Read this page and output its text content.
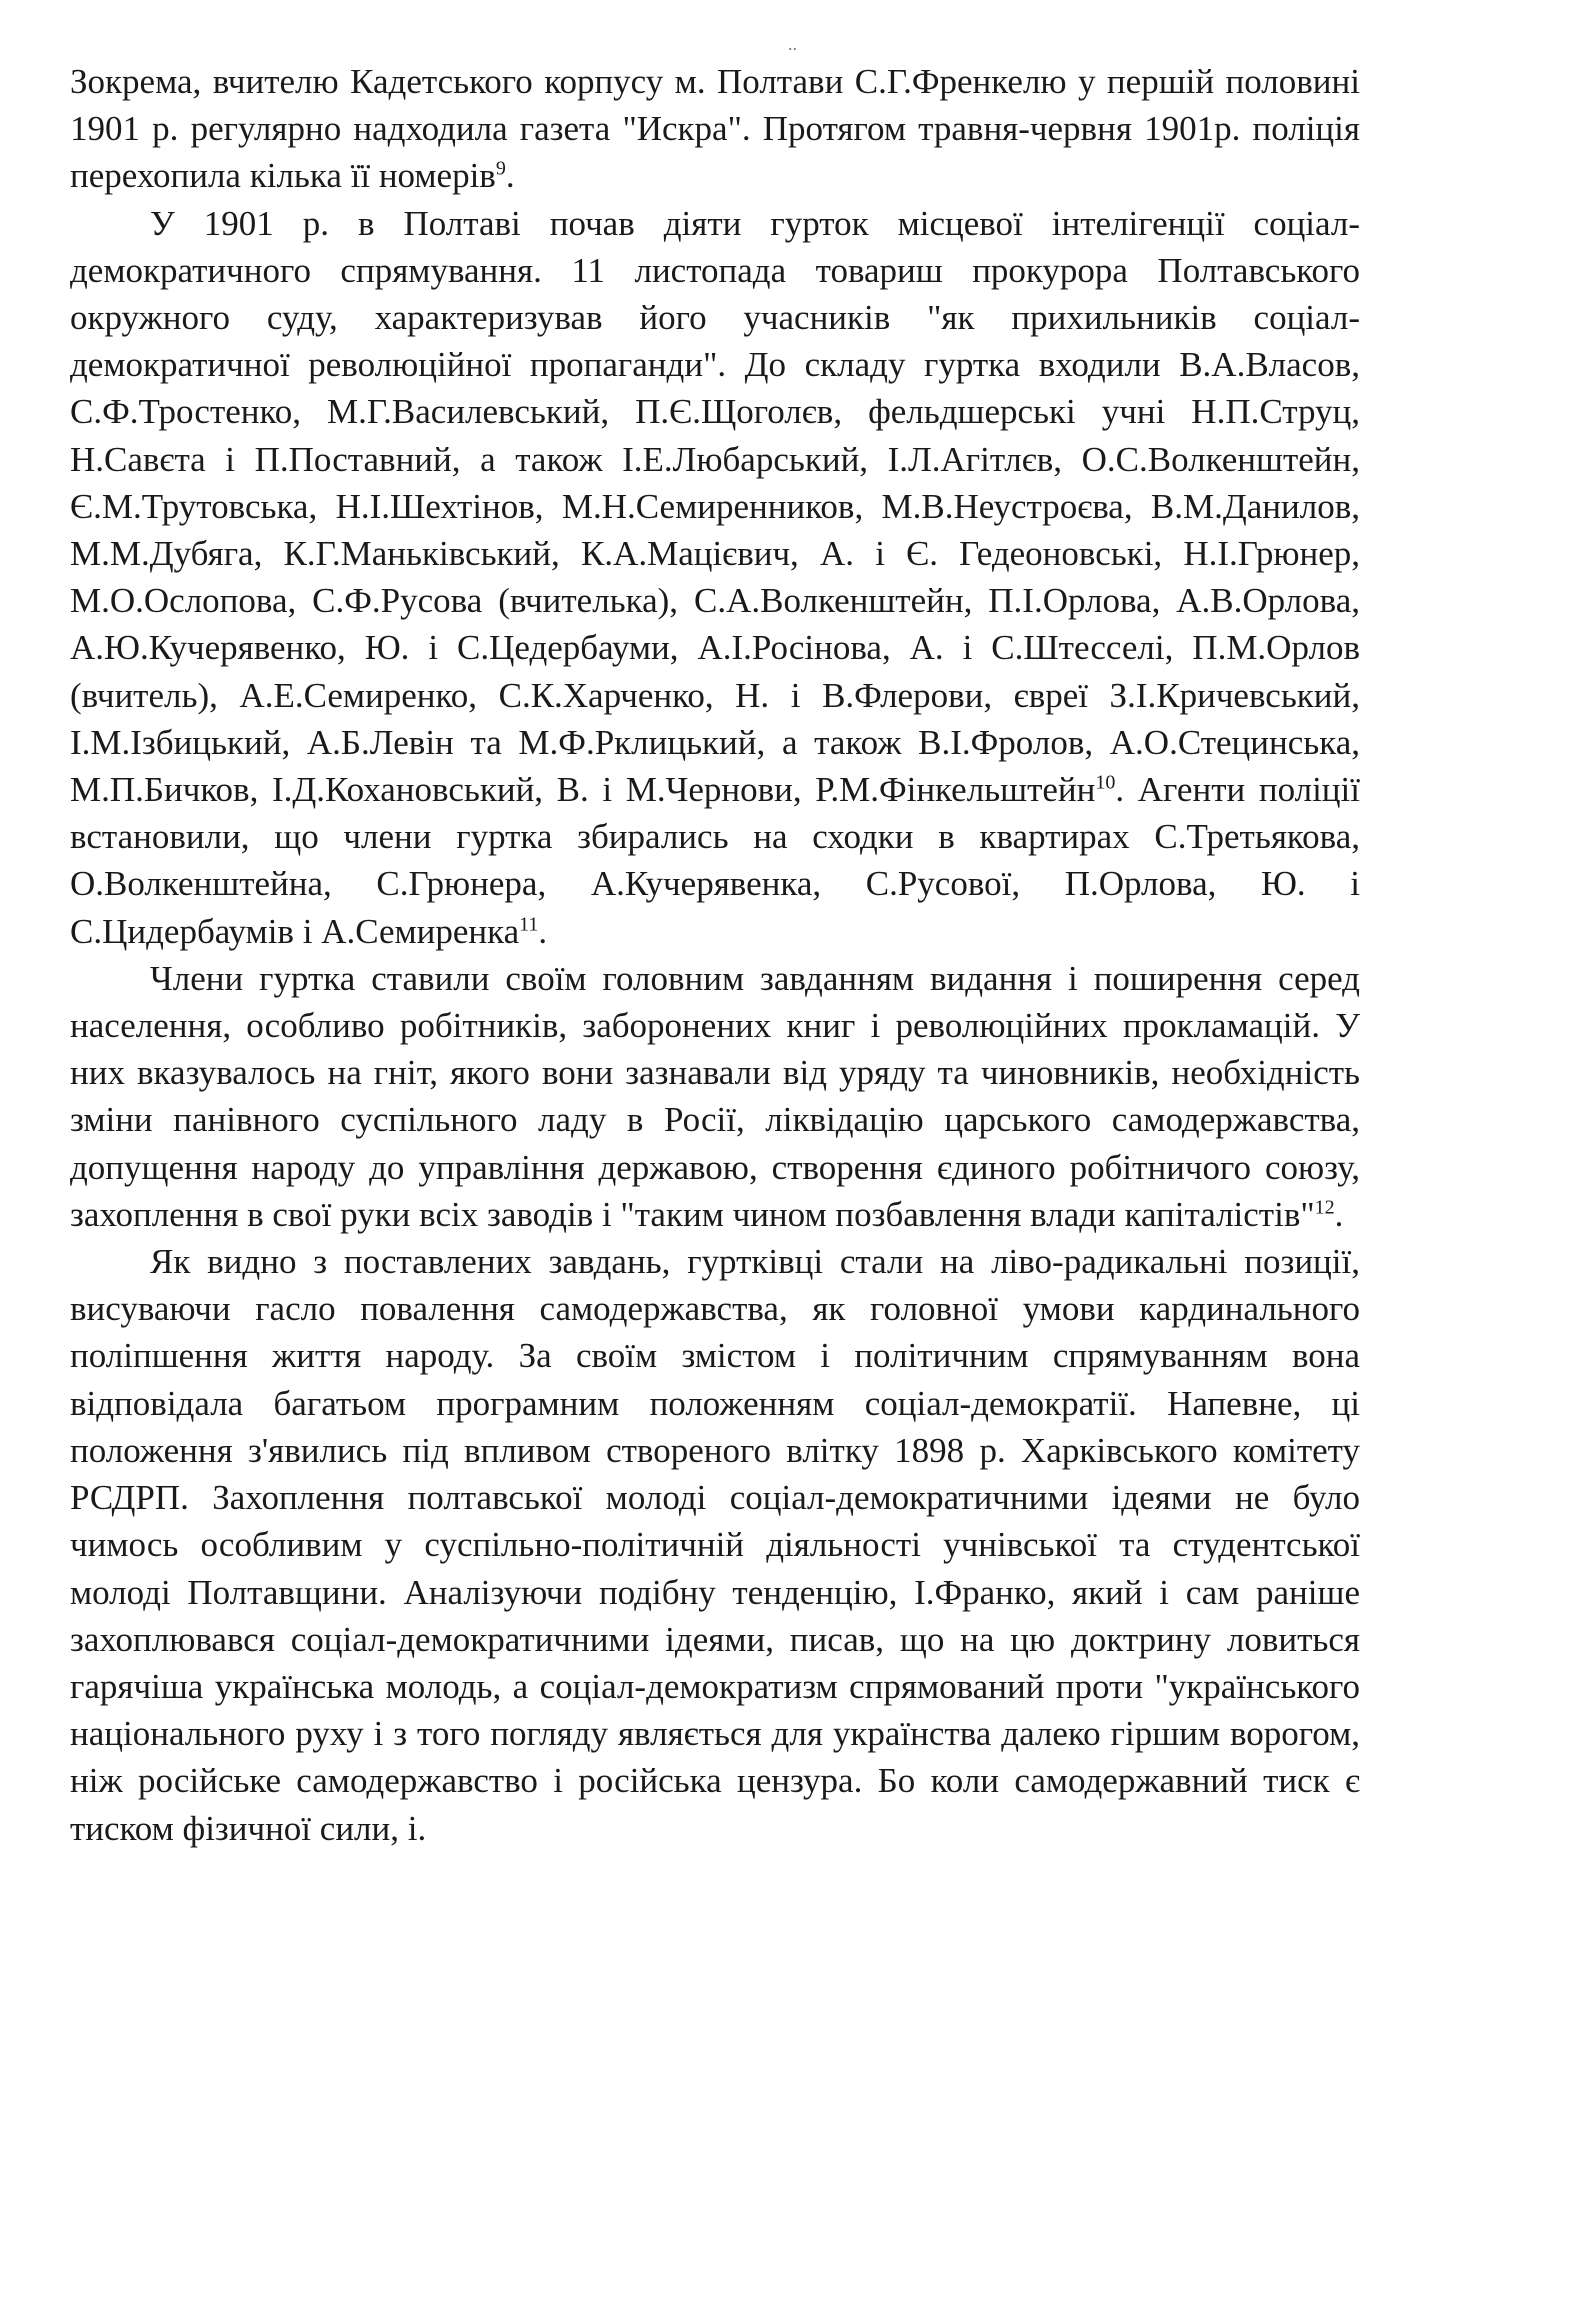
..

Зокрема, вчителю Кадетського корпусу м. Полтави С.Г.Френкелю у першій половині 1901 р. регулярно надходила газета "Искра". Протягом травня-червня 1901р. поліція перехопила кілька її номерів$^9$.

У 1901 р. в Полтаві почав діяти гурток місцевої інтелігенції соціал-демократичного спрямування. 11 листопада товариш прокурора Полтавського окружного суду, характеризував його учасників "як прихильників соціал-демократичної революційної пропаганди". До складу гуртка входили В.А.Власов, С.Ф.Тростенко, М.Г.Василевський, П.Є.Щоголєв, фельдшерські учні Н.П.Струц, Н.Савєта і П.Поставний, а також І.Е.Любарський, І.Л.Агітлєв, О.С.Волкенштейн, Є.М.Трутовська, Н.І.Шехтінов, М.Н.Семиренников, М.В.Неустроєва, В.М.Данилов, М.М.Дубяга, К.Г.Маньківський, К.А.Мацієвич, А. і Є. Гедеоновські, Н.І.Грюнер, М.О.Ослопова, С.Ф.Русова (вчителька), С.А.Волкенштейн, П.І.Орлова, А.В.Орлова, А.Ю.Кучерявенко, Ю. і С.Цедербауми, А.І.Росінова, А. і С.Штесселі, П.М.Орлов (вчитель), А.Е.Семиренко, С.К.Харченко, Н. і В.Флерови, євреї З.І.Кричевський, І.М.Ізбицький, А.Б.Левін та М.Ф.Рклицький, а також В.І.Фролов, А.О.Стецинська, М.П.Бичков, І.Д.Кохановський, В. і М.Чернови, Р.М.Фінкельштейн$^{10}$. Агенти поліції встановили, що члени гуртка збирались на сходки в квартирах С.Третьякова, О.Волкенштейна, С.Грюнера, А.Кучерявенка, С.Русової, П.Орлова, Ю. і С.Цидербаумів і А.Семиренка$^{11}$.

Члени гуртка ставили своїм головним завданням видання і поширення серед населення, особливо робітників, заборонених книг і революційних прокламацій. У них вказувалось на гніт, якого вони зазнавали від уряду та чиновників, необхідність зміни панівного суспільного ладу в Росії, ліквідацію царського самодержавства, допущення народу до управління державою, створення єдиного робітничого союзу, захоплення в свої руки всіх заводів і "таким чином позбавлення влади капіталістів"$^{12}$.

Як видно з поставлених завдань, гуртківці стали на ліво-радикальні позиції, висуваючи гасло повалення самодержавства, як головної умови кардинального поліпшення життя народу. За своїм змістом і політичним спрямуванням вона відповідала багатьом програмним положенням соціал-демократії. Напевне, ці положення з'явились під впливом створеного влітку 1898 р. Харківського комітету РСДРП. Захоплення полтавської молоді соціал-демократичними ідеями не було чимось особливим у суспільно-політичній діяльності учнівської та студентської молоді Полтавщини. Аналізуючи подібну тенденцію, І.Франко, який і сам раніше захоплювався соціал-демократичними ідеями, писав, що на цю доктрину ловиться гарячіша українська молодь, а соціал-демократизм спрямований проти "українського національного руху і з того погляду являється для українства далеко гіршим ворогом, ніж російське самодержавство і російська цензура. Бо коли самодержавний тиск є тиском фізичної сили, і.
